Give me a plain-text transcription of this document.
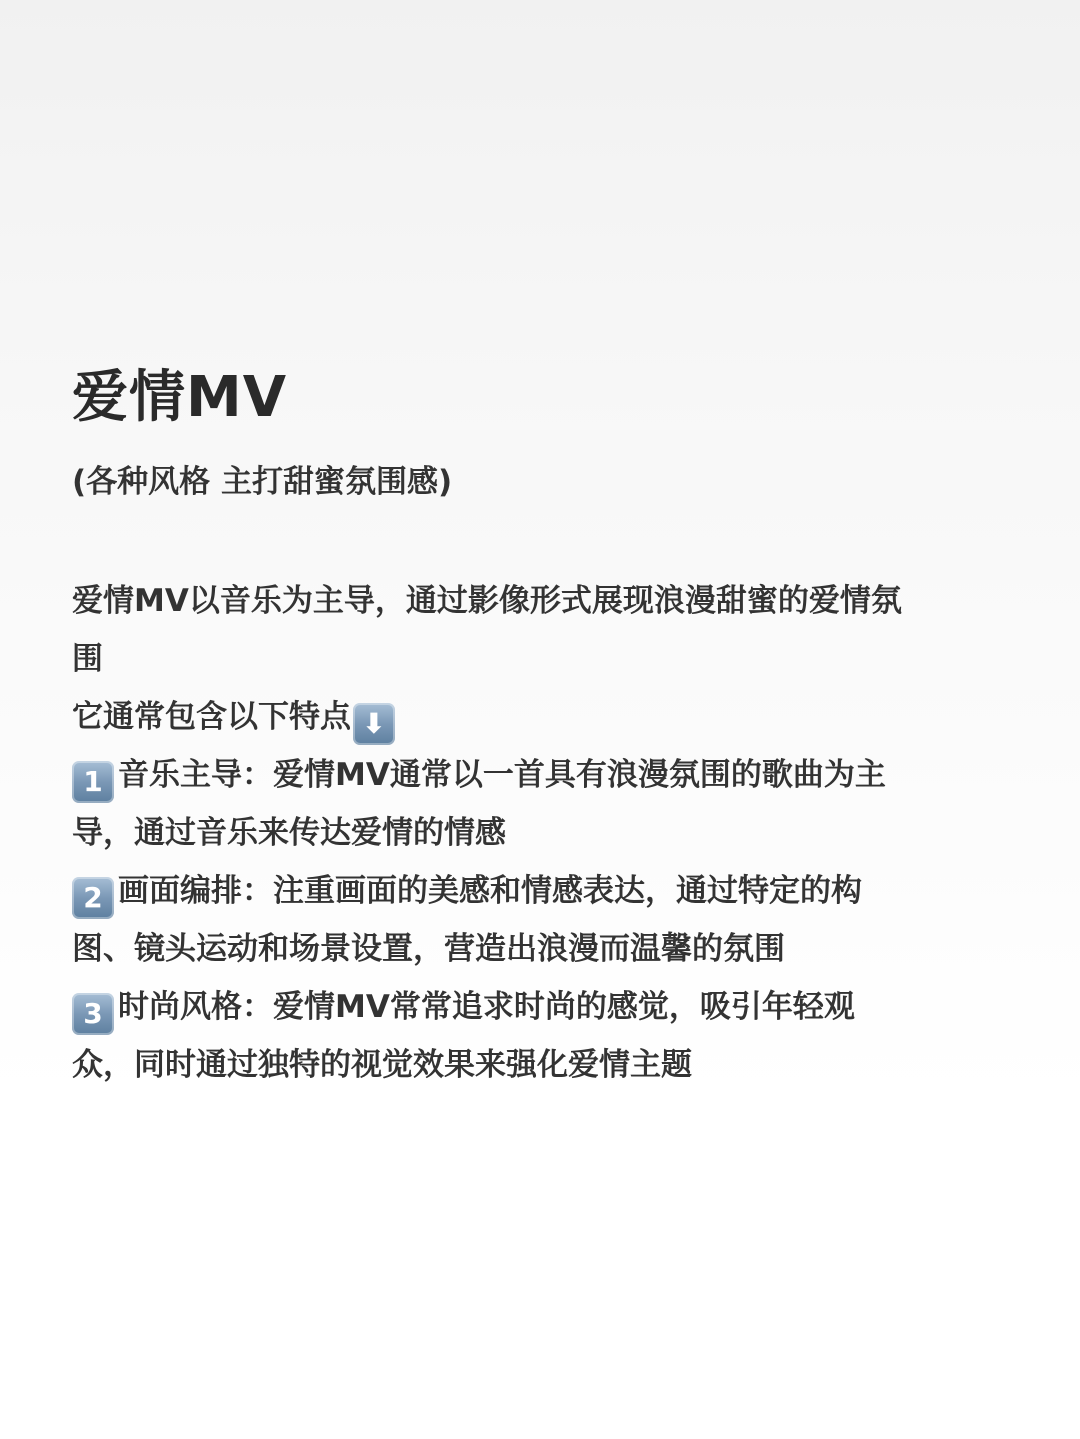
爱情MV
(各种风格 主打甜蜜氛围感)
爱情MV以音乐为主导，通过影像形式展现浪漫甜蜜的爱情氛
围
它通常包含以下特点 ⬇
1 音乐主导：爱情MV通常以一首具有浪漫氛围的歌曲为主
导，通过音乐来传达爱情的情感
2 画面编排：注重画面的美感和情感表达，通过特定的构
图、镜头运动和场景设置，营造出浪漫而温馨的氛围
3 时尚风格：爱情MV常常追求时尚的感觉，吸引年轻观
众，同时通过独特的视觉效果来强化爱情主题
